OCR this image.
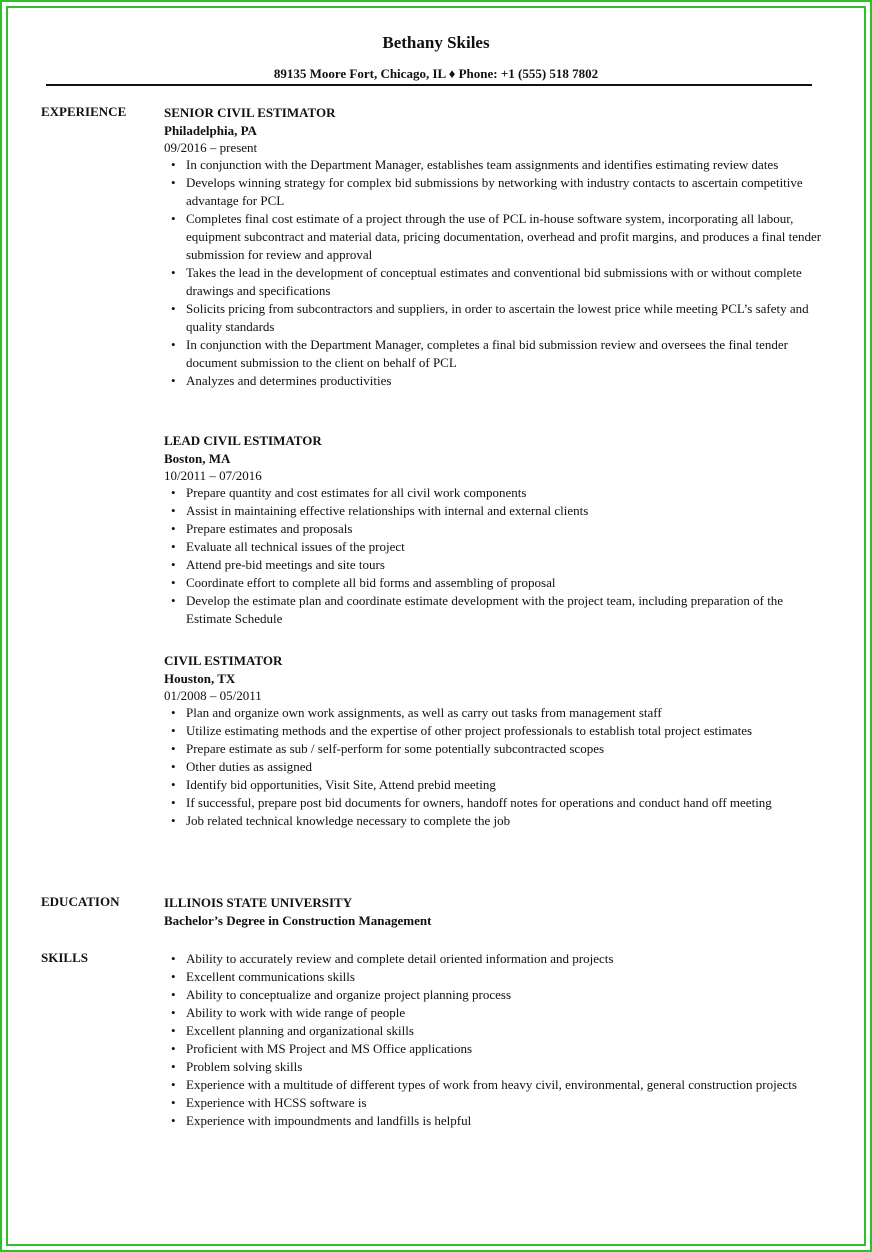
Bethany Skiles
89135 Moore Fort, Chicago, IL ♦ Phone: +1 (555) 518 7802
EXPERIENCE	SENIOR CIVIL ESTIMATOR
Philadelphia, PA
09/2016 – present
• In conjunction with the Department Manager, establishes team assignments and identifies estimating review dates
• Develops winning strategy for complex bid submissions by networking with industry contacts to ascertain competitive advantage for PCL
• Completes final cost estimate of a project through the use of PCL in-house software system, incorporating all labour, equipment subcontract and material data, pricing documentation, overhead and profit margins, and produces a final tender submission for review and approval
• Takes the lead in the development of conceptual estimates and conventional bid submissions with or without complete drawings and specifications
• Solicits pricing from subcontractors and suppliers, in order to ascertain the lowest price while meeting PCL’s safety and quality standards
• In conjunction with the Department Manager, completes a final bid submission review and oversees the final tender document submission to the client on behalf of PCL
• Analyzes and determines productivities
LEAD CIVIL ESTIMATOR
Boston, MA
10/2011 – 07/2016
• Prepare quantity and cost estimates for all civil work components
• Assist in maintaining effective relationships with internal and external clients
• Prepare estimates and proposals
• Evaluate all technical issues of the project
• Attend pre-bid meetings and site tours
• Coordinate effort to complete all bid forms and assembling of proposal
• Develop the estimate plan and coordinate estimate development with the project team, including preparation of the Estimate Schedule
CIVIL ESTIMATOR
Houston, TX
01/2008 – 05/2011
• Plan and organize own work assignments, as well as carry out tasks from management staff
• Utilize estimating methods and the expertise of other project professionals to establish total project estimates
• Prepare estimate as sub / self-perform for some potentially subcontracted scopes
• Other duties as assigned
• Identify bid opportunities, Visit Site, Attend prebid meeting
• If successful, prepare post bid documents for owners, handoff notes for operations and conduct hand off meeting
• Job related technical knowledge necessary to complete the job
EDUCATION	ILLINOIS STATE UNIVERSITY
Bachelor’s Degree in Construction Management
SKILLS	• Ability to accurately review and complete detail oriented information and projects
• Excellent communications skills
• Ability to conceptualize and organize project planning process
• Ability to work with wide range of people
• Excellent planning and organizational skills
• Proficient with MS Project and MS Office applications
• Problem solving skills
• Experience with a multitude of different types of work from heavy civil, environmental, general construction projects
• Experience with HCSS software is
• Experience with impoundments and landfills is helpful
